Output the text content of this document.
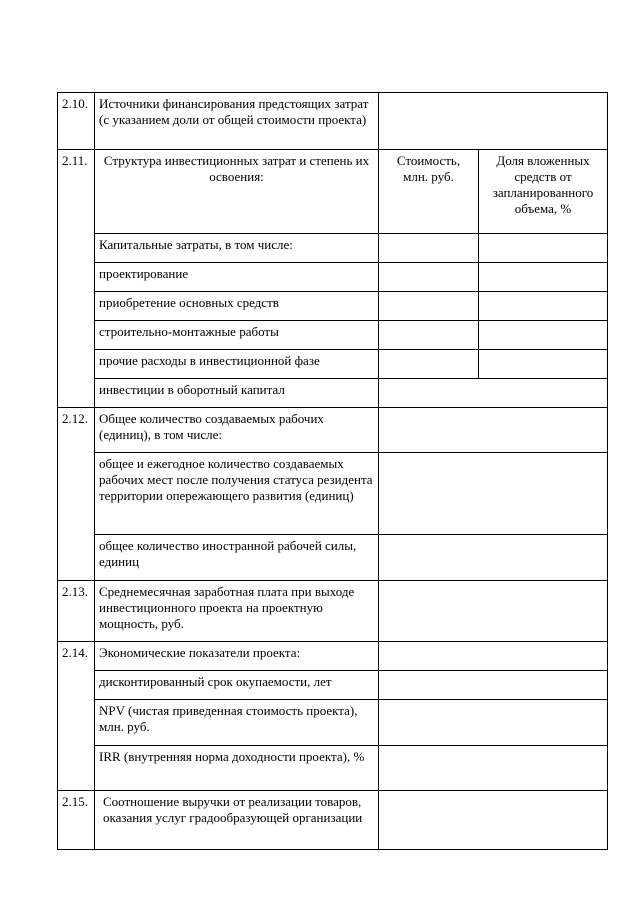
2.10.	Источники финансирования предстоящих затрат (с указанием доли от общей стоимости проекта)		
2.11.	Структура инвестиционных затрат и степень их освоения:	Стоимость, млн. руб.	Доля вложенных средств от запланированного объема, %
	Капитальные затраты, в том числе:		
	проектирование		
	приобретение основных средств		
	строительно-монтажные работы		
	прочие расходы в инвестиционной фазе		
	инвестиции в оборотный капитал		
2.12.	Общее количество создаваемых рабочих (единиц), в том числе:		
	общее и ежегодное количество создаваемых рабочих мест после получения статуса резидента территории опережающего развития (единиц)		
	общее количество иностранной рабочей силы, единиц		
2.13.	Среднемесячная заработная плата при выходе инвестиционного проекта на проектную мощность, руб.		
2.14.	Экономические показатели проекта:		
	дисконтированный срок окупаемости, лет		
	NPV (чистая приведенная стоимость проекта), млн. руб.		
	IRR (внутренняя норма доходности проекта), %		
2.15.	Соотношение выручки от реализации товаров, оказания услуг градообразующей организации		
